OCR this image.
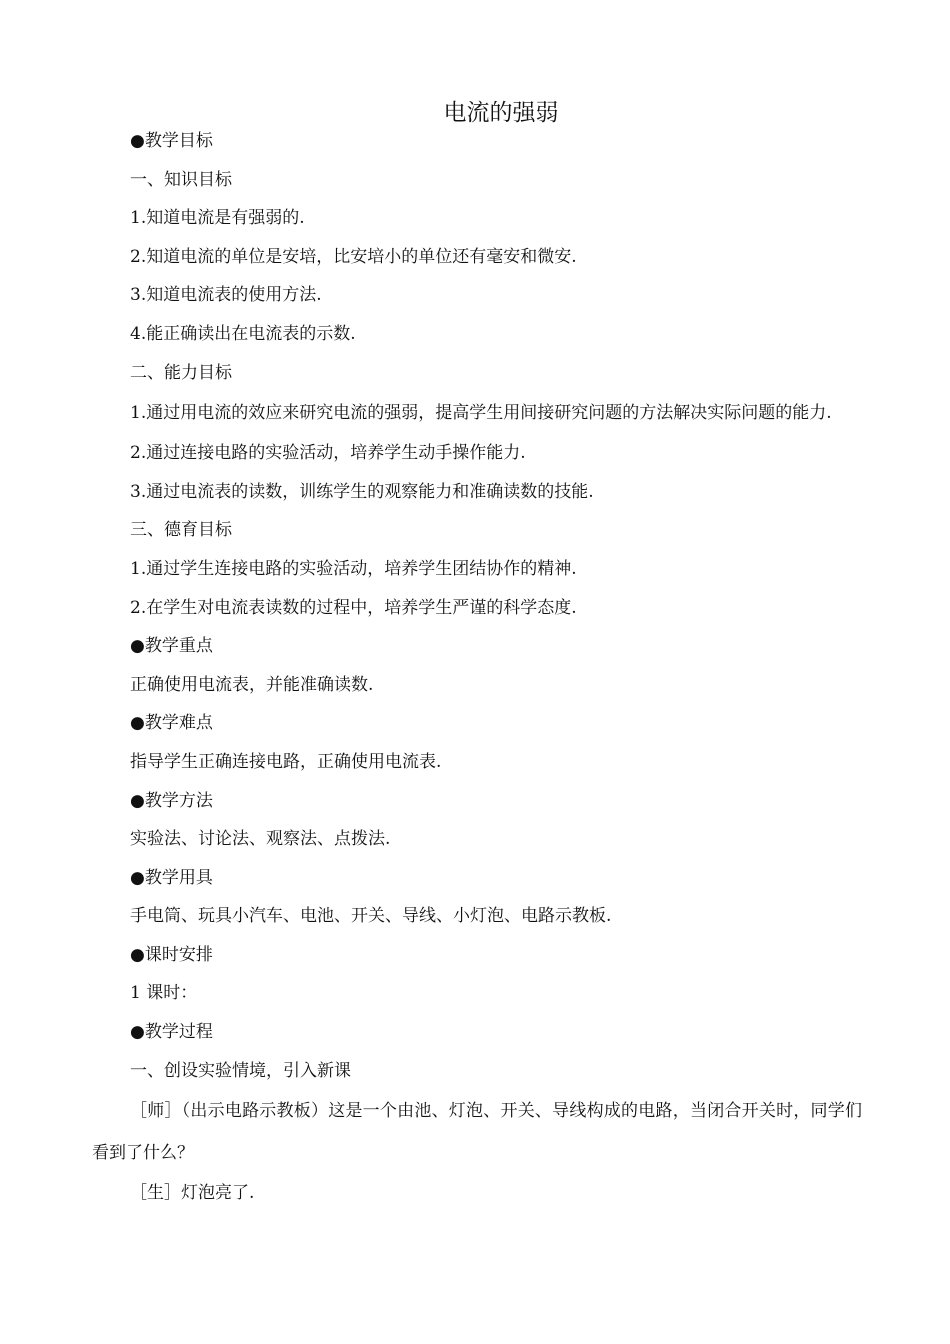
电流的强弱
●教学目标
一、知识目标
1.知道电流是有强弱的.
2.知道电流的单位是安培，比安培小的单位还有毫安和微安.
3.知道电流表的使用方法.
4.能正确读出在电流表的示数.
二、能力目标
1.通过用电流的效应来研究电流的强弱，提高学生用间接研究问题的方法解决实际问题的能力.
2.通过连接电路的实验活动，培养学生动手操作能力.
3.通过电流表的读数，训练学生的观察能力和准确读数的技能.
三、德育目标
1.通过学生连接电路的实验活动，培养学生团结协作的精神.
2.在学生对电流表读数的过程中，培养学生严谨的科学态度.
●教学重点
正确使用电流表，并能准确读数.
●教学难点
指导学生正确连接电路，正确使用电流表.
●教学方法
实验法、讨论法、观察法、点拨法.
●教学用具
手电筒、玩具小汽车、电池、开关、导线、小灯泡、电路示教板.
●课时安排
1 课时：
●教学过程
一、创设实验情境，引入新课
［师］（出示电路示教板）这是一个由池、灯泡、开关、导线构成的电路，当闭合开关时，同学们看到了什么？
［生］灯泡亮了.
